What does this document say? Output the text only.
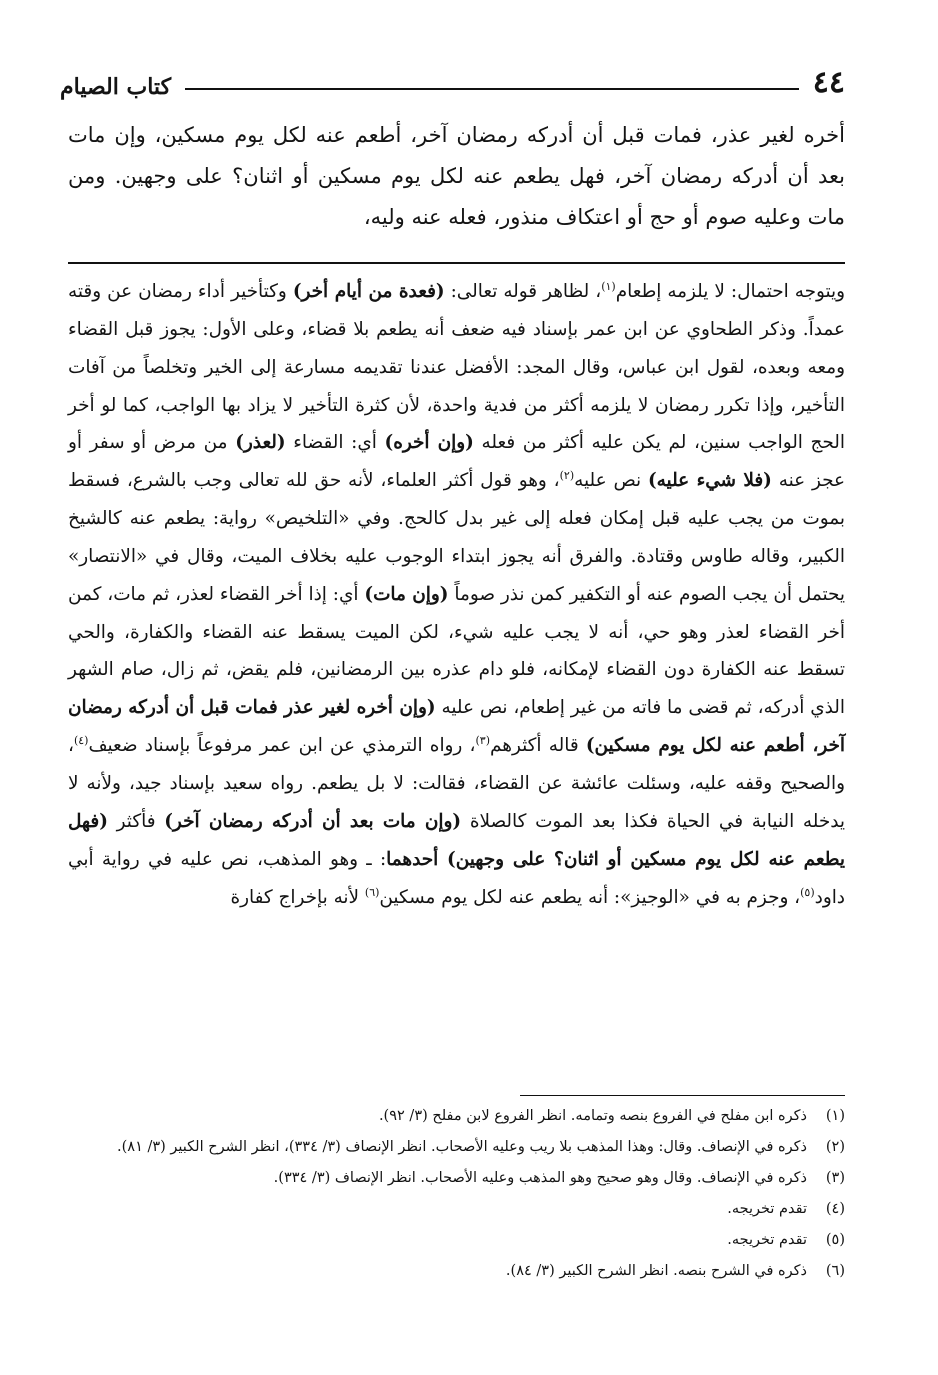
٤٤
كتاب الصيام

أخره لغير عذر، فمات قبل أن أدركه رمضان آخر، أطعم عنه لكل يوم مسكين، وإن مات بعد أن أدركه رمضان آخر، فهل يطعم عنه لكل يوم مسكين أو اثنان؟ على وجهين. ومن مات وعليه صوم أو حج أو اعتكاف منذور، فعله عنه وليه،

ويتوجه احتمال: لا يلزمه إطعام$^{(١)}$، لظاهر قوله تعالى: (فعدة من أيام أخر) وكتأخير أداء رمضان عن وقته عمداً. وذكر الطحاوي عن ابن عمر بإسناد فيه ضعف أنه يطعم بلا قضاء، وعلى الأول: يجوز قبل القضاء ومعه وبعده، لقول ابن عباس، وقال المجد: الأفضل عندنا تقديمه مسارعة إلى الخير وتخلصاً من آفات التأخير، وإذا تكرر رمضان لا يلزمه أكثر من فدية واحدة، لأن كثرة التأخير لا يزاد بها الواجب، كما لو أخر الحج الواجب سنين، لم يكن عليه أكثر من فعله (وإن أخره) أي: القضاء (لعذر) من مرض أو سفر أو عجز عنه (فلا شيء عليه) نص عليه$^{(٢)}$، وهو قول أكثر العلماء، لأنه حق لله تعالى وجب بالشرع، فسقط بموت من يجب عليه قبل إمكان فعله إلى غير بدل كالحج. وفي «التلخيص» رواية: يطعم عنه كالشيخ الكبير، وقاله طاوس وقتادة. والفرق أنه يجوز ابتداء الوجوب عليه بخلاف الميت، وقال في «الانتصار» يحتمل أن يجب الصوم عنه أو التكفير كمن نذر صوماً (وإن مات) أي: إذا أخر القضاء لعذر، ثم مات، كمن أخر القضاء لعذر وهو حي، أنه لا يجب عليه شيء، لكن الميت يسقط عنه القضاء والكفارة، والحي تسقط عنه الكفارة دون القضاء لإمكانه، فلو دام عذره بين الرمضانين، فلم يقض، ثم زال، صام الشهر الذي أدركه، ثم قضى ما فاته من غير إطعام، نص عليه (وإن أخره لغير عذر فمات قبل أن أدركه رمضان آخر، أطعم عنه لكل يوم مسكين) قاله أكثرهم$^{(٣)}$، رواه الترمذي عن ابن عمر مرفوعاً بإسناد ضعيف$^{(٤)}$، والصحيح وقفه عليه، وسئلت عائشة عن القضاء، فقالت: لا بل يطعم. رواه سعيد بإسناد جيد، ولأنه لا يدخله النيابة في الحياة فكذا بعد الموت كالصلاة (وإن مات بعد أن أدركه رمضان آخر) فأكثر (فهل يطعم عنه لكل يوم مسكين أو اثنان؟ على وجهين) أحدهما: ـ وهو المذهب، نص عليه في رواية أبي داود$^{(٥)}$، وجزم به في «الوجيز»: أنه يطعم عنه لكل يوم مسكين$^{(٦)}$ لأنه بإخراج كفارة

(١)
ذكره ابن مفلح في الفروع بنصه وتمامه. انظر الفروع لابن مفلح (٣/ ٩٢).
(٢)
ذكره في الإنصاف. وقال: وهذا المذهب بلا ريب وعليه الأصحاب. انظر الإنصاف (٣/ ٣٣٤)، انظر الشرح الكبير (٣/ ٨١).
(٣)
ذكره في الإنصاف. وقال وهو صحيح وهو المذهب وعليه الأصحاب. انظر الإنصاف (٣/ ٣٣٤).
(٤)
تقدم تخريجه.
(٥)
تقدم تخريجه.
(٦)
ذكره في الشرح بنصه. انظر الشرح الكبير (٣/ ٨٤).
